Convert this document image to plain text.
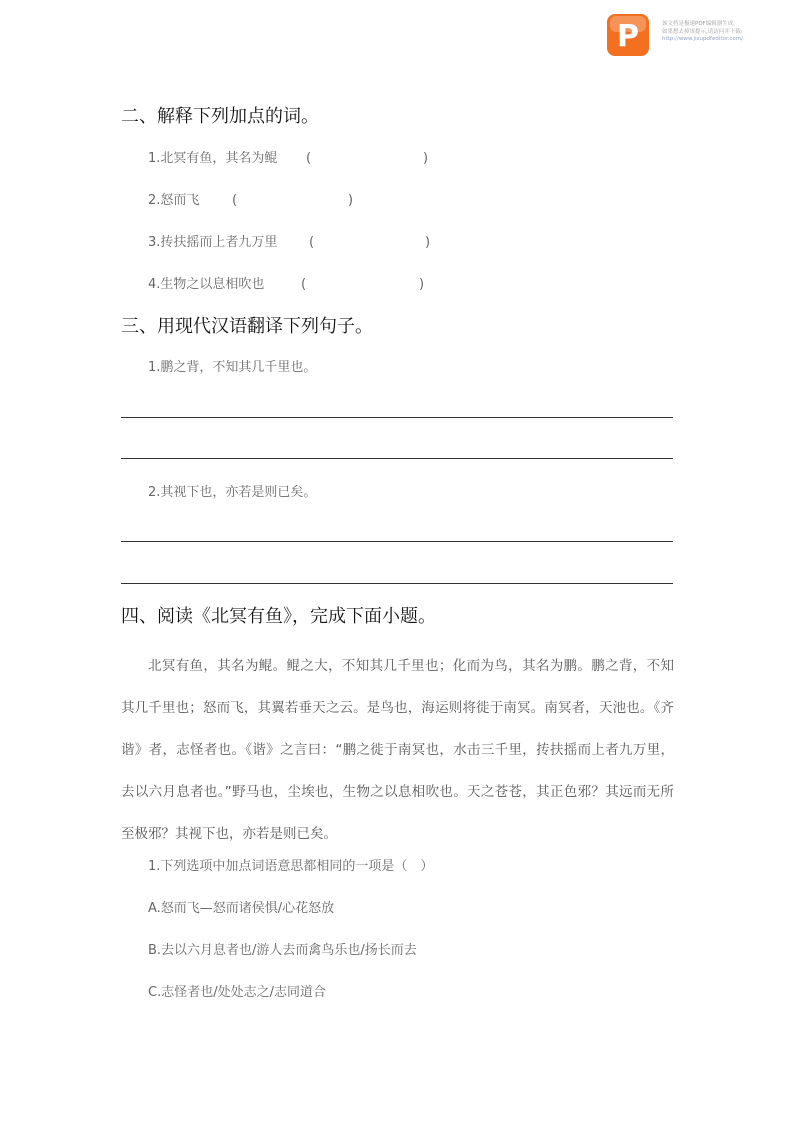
P	该文档是极速PDF编辑器生成,
如果想去掉该提示,请访问并下载:
http://www.jisupdfeditor.com/
二、解释下列加点的词。
1.北冥有鱼，其名为鲲 (	)
2.怒而飞	(	)
3.抟扶摇而上者九万里 (	)
4.生物之以息相吹也	(	)
三、用现代汉语翻译下列句子。
1.鹏之背，不知其几千里也。
2.其视下也，亦若是则已矣。
四、阅读《北冥有鱼》，完成下面小题。

北冥有鱼，其名为鲲。鲲之大，不知其几千里也；化而为鸟，其名为鹏。鹏之背，不知其几千里也；怒而飞，其翼若垂天之云。是鸟也，海运则将徙于南冥。南冥者，天池也。《齐谐》者，志怪者也。《谐》之言曰：“鹏之徙于南冥也，水击三千里，抟扶摇而上者九万里，去以六月息者也。”野马也，尘埃也，生物之以息相吹也。天之苍苍，其正色邪？其远而无所至极邪？其视下也，亦若是则已矣。

1.下列选项中加点词语意思都相同的一项是（　）
A.怒而飞—怒而诸侯惧/心花怒放
B.去以六月息者也/游人去而禽鸟乐也/扬长而去
C.志怪者也/处处志之/志同道合
